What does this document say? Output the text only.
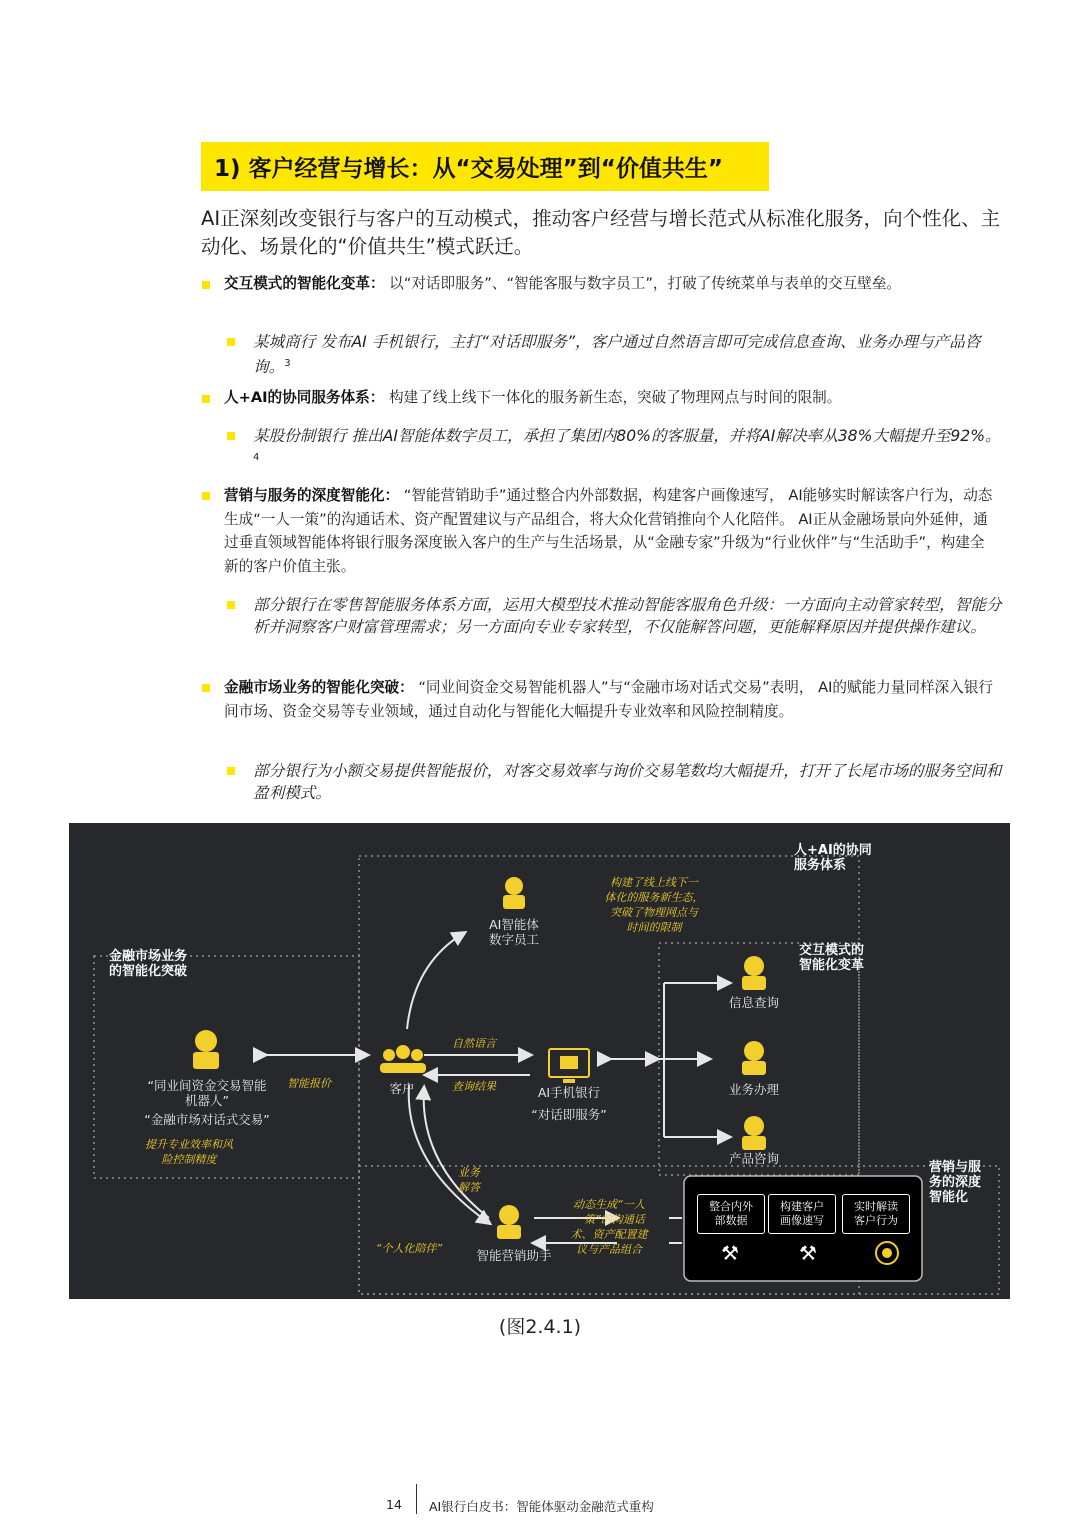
1) 客户经营与增长：从“交易处理”到“价值共生”
AI正深刻改变银行与客户的互动模式，推动客户经营与增长范式从标准化服务，向个性化、主动化、场景化的“价值共生”模式跃迁。
交互模式的智能化变革： 以“对话即服务”、“智能客服与数字员工”，打破了传统菜单与表单的交互壁垒。
某城商行 发布AI 手机银行，主打“对话即服务”，客户通过自然语言即可完成信息查询、业务办理与产品咨询。$^3$
人+AI的协同服务体系： 构建了线上线下一体化的服务新生态，突破了物理网点与时间的限制。
某股份制银行 推出AI智能体数字员工，承担了集团内80%的客服量，并将AI解决率从38%大幅提升至92%。$^4$
营销与服务的深度智能化： “智能营销助手”通过整合内外部数据，构建客户画像速写， AI能够实时解读客户行为，动态生成“一人一策”的沟通话术、资产配置建议与产品组合，将大众化营销推向个人化陪伴。 AI正从金融场景向外延伸，通过垂直领域智能体将银行服务深度嵌入客户的生产与生活场景，从“金融专家”升级为“行业伙伴”与“生活助手”，构建全新的客户价值主张。
部分银行在零售智能服务体系方面，运用大模型技术推动智能客服角色升级：一方面向主动管家转型，智能分析并洞察客户财富管理需求；另一方面向专业专家转型，不仅能解答问题，更能解释原因并提供操作建议。
金融市场业务的智能化突破： “同业间资金交易智能机器人”与“金融市场对话式交易”表明， AI的赋能力量同样深入银行间市场、资金交易等专业领域，通过自动化与智能化大幅提升专业效率和风险控制精度。
部分银行为小额交易提供智能报价，对客交易效率与询价交易笔数均大幅提升，打开了长尾市场的服务空间和盈利模式。
人+AI的协同
服务体系
交互模式的
智能化变革
金融市场业务
的智能化突破
营销与服
务的深度
智能化
AI智能体
数字员工
构建了线上线下一
体化的服务新生态，
突破了物理网点与
时间的限制
客户
自然语言
查询结果	AI手机银行
“对话即服务”
信息查询
业务办理
产品咨询
“同业间资金交易智能
机器人”
“金融市场对话式交易”
提升专业效率和风
险控制精度
智能报价
业务
解答
“个人化陪伴”	智能营销助手
动态生成“一人
一策”的沟通话
术、资产配置建
议与产品组合
整合内外
部数据
构建客户
画像速写
实时解读
客户行为
⚒	⚒
(图2.4.1)
14 AI银行白皮书：智能体驱动金融范式重构
